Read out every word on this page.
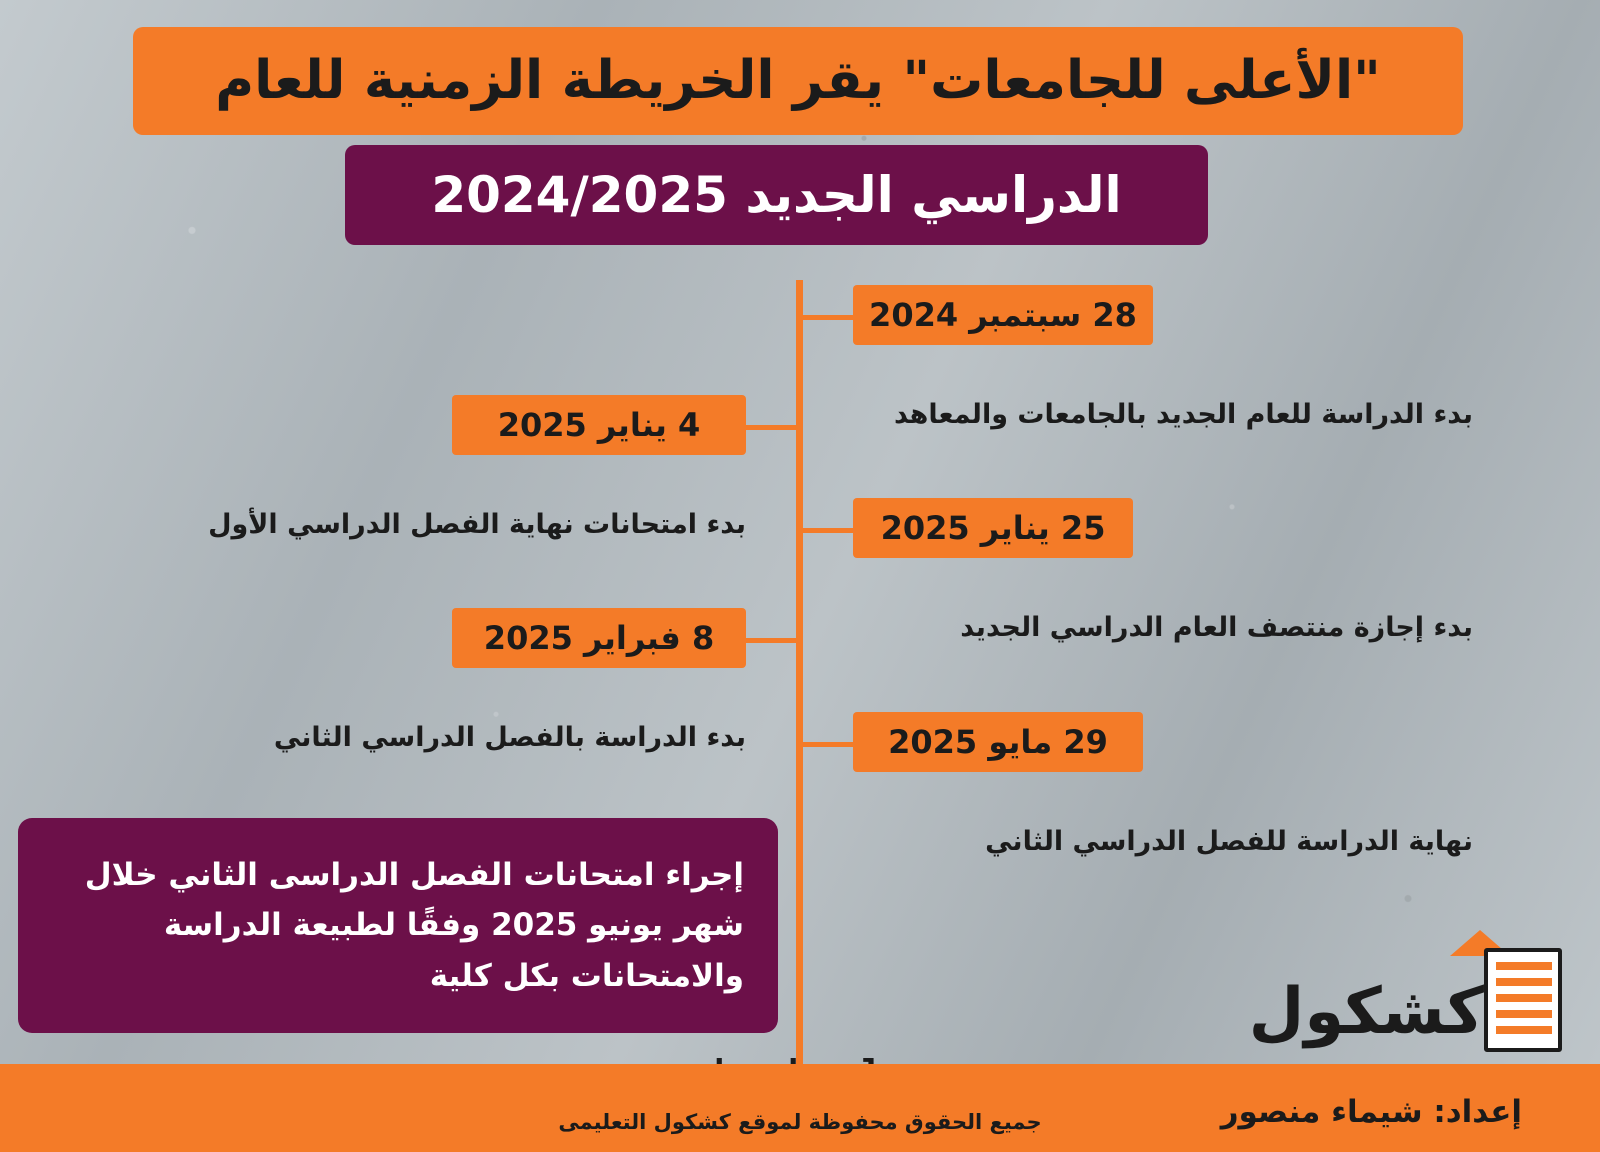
"الأعلى للجامعات" يقر الخريطة الزمنية للعام
الدراسي الجديد 2024/2025
28 سبتمبر 2024
بدء الدراسة للعام الجديد بالجامعات والمعاهد
4 يناير 2025
بدء امتحانات نهاية الفصل الدراسي الأول	25 يناير 2025
بدء إجازة منتصف العام الدراسي الجديد
8 فبراير 2025
بدء الدراسة بالفصل الدراسي الثاني	29 مايو 2025
نهاية الدراسة للفصل الدراسي الثاني

إجراء امتحانات الفصل الدراسى الثاني خلال شهر يونيو 2025 وفقًا لطبيعة الدراسة والامتحانات بكل كلية	كشكول
جميع الحقوق محفوظة لموقع كشكول التعليمى	إعداد: شيماء منصور
